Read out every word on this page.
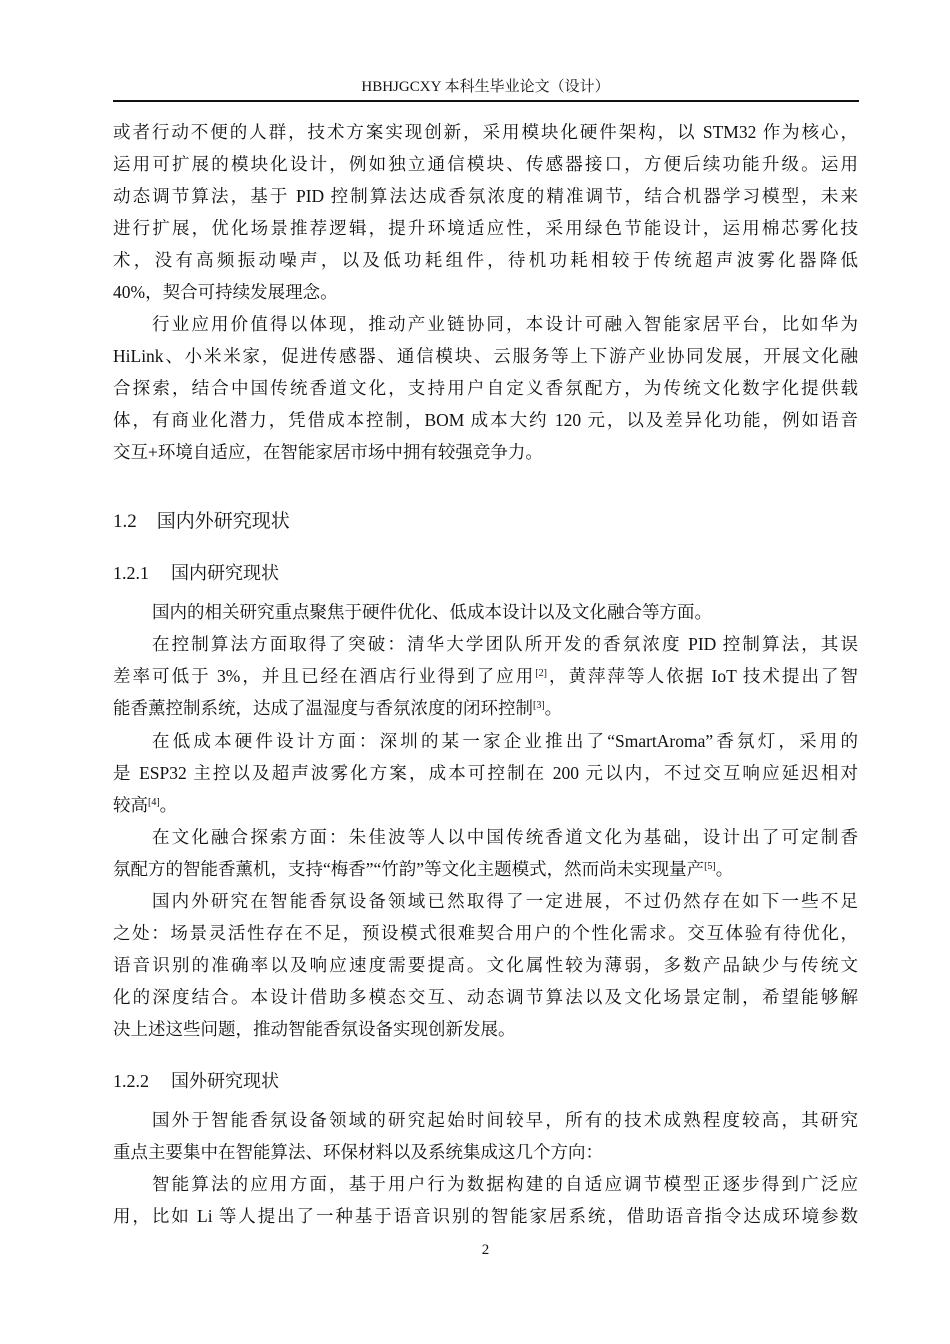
HBHJGCXY 本科生毕业论文（设计）
或者行动不便的人群，技术方案实现创新，采用模块化硬件架构，以 STM32 作为核心，
运用可扩展的模块化设计，例如独立通信模块、传感器接口，方便后续功能升级。运用
动态调节算法，基于 PID 控制算法达成香氛浓度的精准调节，结合机器学习模型，未来
进行扩展，优化场景推荐逻辑，提升环境适应性，采用绿色节能设计，运用棉芯雾化技
术，没有高频振动噪声，以及低功耗组件，待机功耗相较于传统超声波雾化器降低
40%，契合可持续发展理念。
行业应用价值得以体现，推动产业链协同，本设计可融入智能家居平台，比如华为
HiLink、小米米家，促进传感器、通信模块、云服务等上下游产业协同发展，开展文化融
合探索，结合中国传统香道文化，支持用户自定义香氛配方，为传统文化数字化提供载
体，有商业化潜力，凭借成本控制，BOM 成本大约 120 元，以及差异化功能，例如语音
交互+环境自适应，在智能家居市场中拥有较强竞争力。
1.2 国内外研究现状
1.2.1 国内研究现状
国内的相关研究重点聚焦于硬件优化、低成本设计以及文化融合等方面。
在控制算法方面取得了突破：清华大学团队所开发的香氛浓度 PID 控制算法，其误
差率可低于 3%，并且已经在酒店行业得到了应用[2]，黄萍萍等人依据 IoT 技术提出了智
能香薰控制系统，达成了温湿度与香氛浓度的闭环控制[3]。
在低成本硬件设计方面：深圳的某一家企业推出了“SmartAroma”香氛灯，采用的
是 ESP32 主控以及超声波雾化方案，成本可控制在 200 元以内，不过交互响应延迟相对
较高[4]。
在文化融合探索方面：朱佳波等人以中国传统香道文化为基础，设计出了可定制香
氛配方的智能香薰机，支持“梅香”“竹韵”等文化主题模式，然而尚未实现量产[5]。
国内外研究在智能香氛设备领域已然取得了一定进展，不过仍然存在如下一些不足
之处：场景灵活性存在不足，预设模式很难契合用户的个性化需求。交互体验有待优化，
语音识别的准确率以及响应速度需要提高。文化属性较为薄弱，多数产品缺少与传统文
化的深度结合。本设计借助多模态交互、动态调节算法以及文化场景定制，希望能够解
决上述这些问题，推动智能香氛设备实现创新发展。
1.2.2 国外研究现状
国外于智能香氛设备领域的研究起始时间较早，所有的技术成熟程度较高，其研究
重点主要集中在智能算法、环保材料以及系统集成这几个方向：
智能算法的应用方面，基于用户行为数据构建的自适应调节模型正逐步得到广泛应
用，比如 Li 等人提出了一种基于语音识别的智能家居系统，借助语音指令达成环境参数
2
